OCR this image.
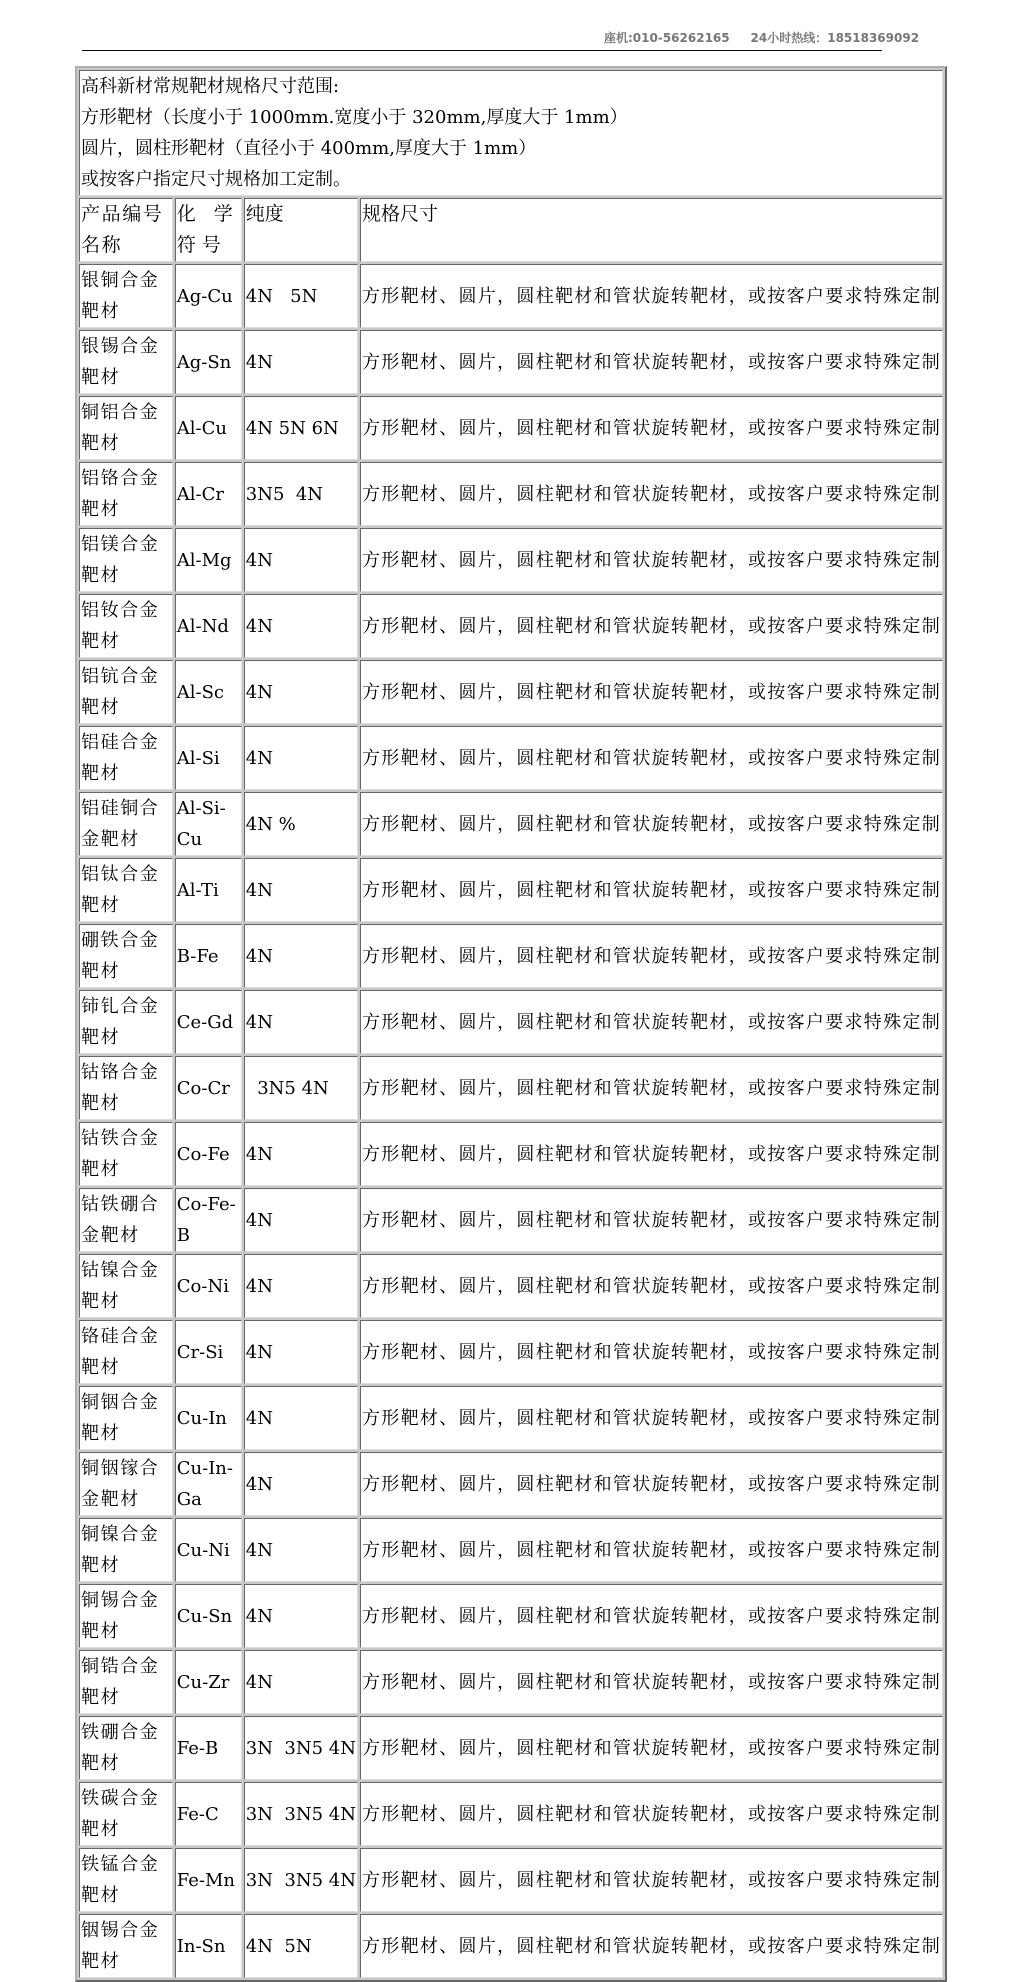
座机:010-56262165     24小时热线：18518369092
高科新材常规靶材规格尺寸范围:
方形靶材（长度小于 1000mm.宽度小于 320mm,厚度大于 1mm）
圆片，圆柱形靶材（直径小于 400mm,厚度大于 1mm）
或按客户指定尺寸规格加工定制。			

产品编号名称	化 学 符号	纯度	规格尺寸
银铜合金靶材	Ag-Cu	4N   5N	方形靶材、圆片，圆柱靶材和管状旋转靶材，或按客户要求特殊定制
银锡合金靶材	Ag-Sn	4N	方形靶材、圆片，圆柱靶材和管状旋转靶材，或按客户要求特殊定制
铜铝合金靶材	Al-Cu	4N 5N 6N	方形靶材、圆片，圆柱靶材和管状旋转靶材，或按客户要求特殊定制
铝铬合金靶材	Al-Cr	3N5  4N	方形靶材、圆片，圆柱靶材和管状旋转靶材，或按客户要求特殊定制
铝镁合金靶材	Al-Mg	4N	方形靶材、圆片，圆柱靶材和管状旋转靶材，或按客户要求特殊定制
铝钕合金靶材	Al-Nd	4N	方形靶材、圆片，圆柱靶材和管状旋转靶材，或按客户要求特殊定制
铝钪合金靶材	Al-Sc	4N	方形靶材、圆片，圆柱靶材和管状旋转靶材，或按客户要求特殊定制
铝硅合金靶材	Al-Si	4N	方形靶材、圆片，圆柱靶材和管状旋转靶材，或按客户要求特殊定制
铝硅铜合金靶材	Al-Si-Cu	4N %	方形靶材、圆片，圆柱靶材和管状旋转靶材，或按客户要求特殊定制
铝钛合金靶材	Al-Ti	4N	方形靶材、圆片，圆柱靶材和管状旋转靶材，或按客户要求特殊定制
硼铁合金靶材	B-Fe	4N	方形靶材、圆片，圆柱靶材和管状旋转靶材，或按客户要求特殊定制
铈钆合金靶材	Ce-Gd	4N	方形靶材、圆片，圆柱靶材和管状旋转靶材，或按客户要求特殊定制
钴铬合金靶材	Co-Cr	3N5 4N	方形靶材、圆片，圆柱靶材和管状旋转靶材，或按客户要求特殊定制
钴铁合金靶材	Co-Fe	4N	方形靶材、圆片，圆柱靶材和管状旋转靶材，或按客户要求特殊定制
钴铁硼合金靶材	Co-Fe-B	4N	方形靶材、圆片，圆柱靶材和管状旋转靶材，或按客户要求特殊定制
钴镍合金靶材	Co-Ni	4N	方形靶材、圆片，圆柱靶材和管状旋转靶材，或按客户要求特殊定制
铬硅合金靶材	Cr-Si	4N	方形靶材、圆片，圆柱靶材和管状旋转靶材，或按客户要求特殊定制
铜铟合金靶材	Cu-In	4N	方形靶材、圆片，圆柱靶材和管状旋转靶材，或按客户要求特殊定制
铜铟镓合金靶材	Cu-In-Ga	4N	方形靶材、圆片，圆柱靶材和管状旋转靶材，或按客户要求特殊定制
铜镍合金靶材	Cu-Ni	4N	方形靶材、圆片，圆柱靶材和管状旋转靶材，或按客户要求特殊定制
铜锡合金靶材	Cu-Sn	4N	方形靶材、圆片，圆柱靶材和管状旋转靶材，或按客户要求特殊定制
铜锆合金靶材	Cu-Zr	4N	方形靶材、圆片，圆柱靶材和管状旋转靶材，或按客户要求特殊定制
铁硼合金靶材	Fe-B	3N  3N5 4N	方形靶材、圆片，圆柱靶材和管状旋转靶材，或按客户要求特殊定制
铁碳合金靶材	Fe-C	3N  3N5 4N	方形靶材、圆片，圆柱靶材和管状旋转靶材，或按客户要求特殊定制
铁锰合金靶材	Fe-Mn	3N  3N5 4N	方形靶材、圆片，圆柱靶材和管状旋转靶材，或按客户要求特殊定制
铟锡合金靶材	In-Sn	4N  5N	方形靶材、圆片，圆柱靶材和管状旋转靶材，或按客户要求特殊定制
